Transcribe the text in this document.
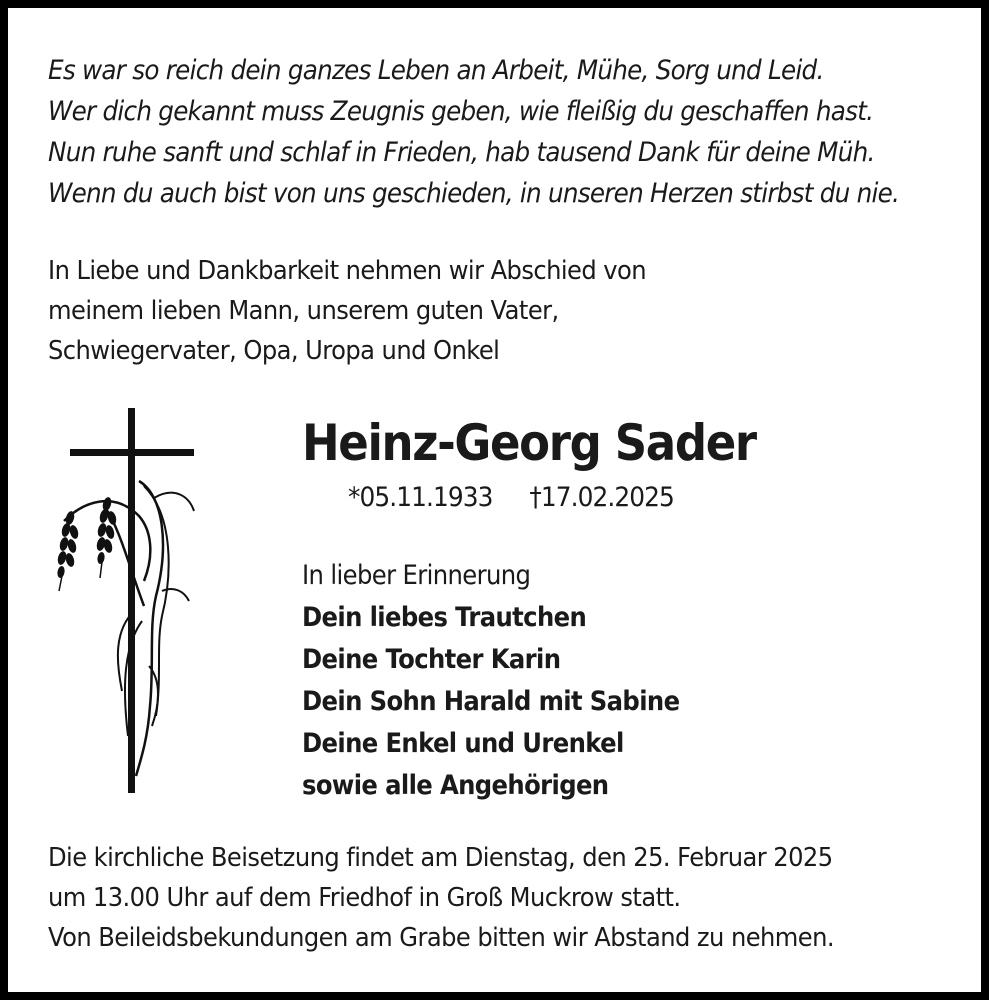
Es war so reich dein ganzes Leben an Arbeit, Mühe, Sorg und Leid.
Wer dich gekannt muss Zeugnis geben, wie fleißig du geschaffen hast.
Nun ruhe sanft und schlaf in Frieden, hab tausend Dank für deine Müh.
Wenn du auch bist von uns geschieden, in unseren Herzen stirbst du nie.
In Liebe und Dankbarkeit nehmen wir Abschied von
meinem lieben Mann, unserem guten Vater,
Schwiegervater, Opa, Uropa und Onkel
Heinz-Georg Sader
*05.11.1933 †17.02.2025
In lieber Erinnerung
Dein liebes Trautchen
Deine Tochter Karin
Dein Sohn Harald mit Sabine
Deine Enkel und Urenkel
sowie alle Angehörigen
Die kirchliche Beisetzung findet am Dienstag, den 25. Februar 2025
um 13.00 Uhr auf dem Friedhof in Groß Muckrow statt.
Von Beileidsbekundungen am Grabe bitten wir Abstand zu nehmen.
